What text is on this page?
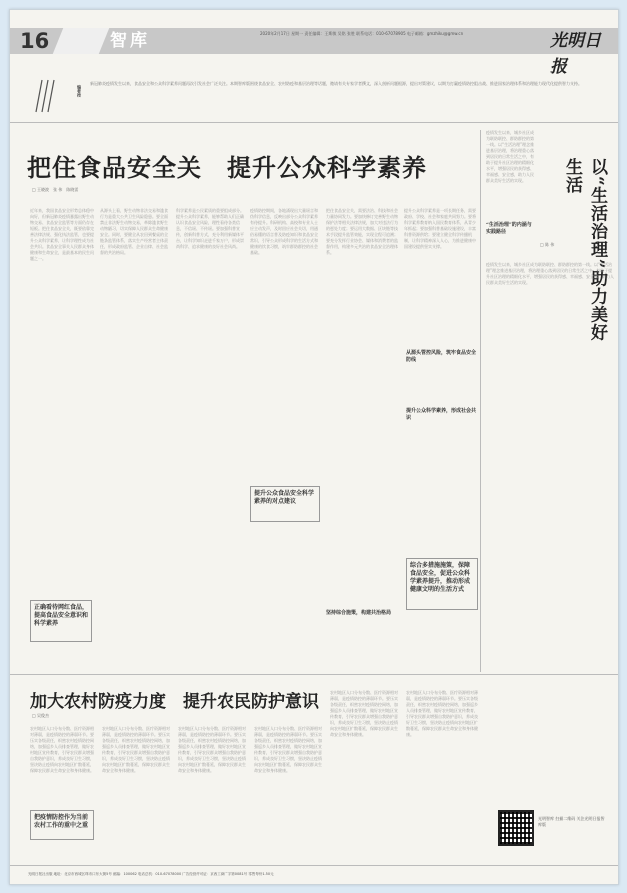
16	智库	2020年2月17日 星期一 责任编辑：王斯敏 吴铭 张胜 联系电话：010-67078905 电子邮箱：gmzhiku@gmw.cn	光明日报
编者按
新冠肺炎疫情发生以来，食品安全和公众科学素养问题再次引发社会广泛关注。本期智库版围绕食品安全、农村防疫和基层治理等话题，邀请有关专家学者撰文，深入剖析问题根源，提出对策建议，以期为打赢疫情防控阻击战、推进国家治理体系和治理能力现代化提供智力支持。
把住食品安全关　提升公众科学素养
□ 王晓波　张 伟　陈晓雷
近年来，我国食品安全形势总体稳中向好，但新冠肺炎疫情暴露出野生动物交易、食品安全监管等方面仍存在短板。把住食品安全关，既要依靠完善法律法规、强化执法监管，也要提升公众科学素养，让科学理性成为社会共识。食品安全事关人民群众身体健康和生命安全，是最基本的民生问题之一。
从源头上看，野生动物非法交易和滥食行为是重大公共卫生风险隐患。要全面禁止非法野生动物交易，革除滥食野生动物陋习，切实保障人民群众生命健康安全。同时，要健全从农田到餐桌的全链条监管体系，落实生产经营者主体责任，形成政府监管、企业自律、社会监督的共治格局。
科学素养是公民素质的重要组成部分。提升公众科学素养，能够帮助人们正确认识食品安全风险，理性看待各类信息，不信谣、不传谣。要加强科普宣传，创新科普方式，充分利用新媒体平台，让科学知识走进千家万户，形成崇尚科学、追求健康的良好社会风尚。
疫情防控期间，各地涌现出大量谣言和伪科学信息，反映出部分公众科学素养有待提升。科研机构、高校和专业人士应主动发声，及时回应社会关切，用通俗易懂的语言普及防疫知识和食品安全常识，引导公众形成科学的生活方式和健康的饮食习惯，筑牢群防群控的社会基础。
把住食品安全关，需要法治、科技和社会力量协同发力。要加快修订完善野生动物保护法等相关法律法规，加大对违法行为的惩处力度；要运用大数据、区块链等技术手段提升监管效能，实现全程可追溯；要充分发挥行业协会、媒体和消费者的监督作用，构建多元共治的食品安全治理体系。
提升公众科学素养是一项长期任务，需要政府、学校、社会和家庭共同努力。要将科学素养教育纳入国民教育体系，从青少年抓起；要加强科普基础设施建设，丰富科普资源供给；要建立健全科学传播机制，让科学精神深入人心，为推进健康中国建设提供坚实支撑。
从源头管控风险，筑牢食品安全防线
提升公众科学素养，形成社会共识
坚持综合施策，构建共治格局
正确看待网红食品，提高食品安全意识和科学素养
提升公众食品安全科学素养的对点建议
综合多措施施策，保障食品安全，促进公众科学素养提升，推动形成健康文明的生活方式
以“生活治理”助力美好生活
□ 陈 伟
疫情发生以来，城乡社区成为联防联控、群防群控的第一线。以“生活治理”理念推进基层治理，将治理重心落到居民的日常生活之中，有助于提升社区治理的精细化水平，增强居民的获得感、幸福感、安全感，助力人民群众美好生活的实现。
“生活治理”的内涵与实践路径
疫情发生以来，城乡社区成为联防联控、群防群控的第一线。以“生活治理”理念推进基层治理，将治理重心落到居民的日常生活之中，有助于提升社区治理的精细化水平，增强居民的获得感、幸福感、安全感，助力人民群众美好生活的实现。
加大农村防疫力度　提升农民防护意识
□ 吴俊杰
农村地区人口分布分散、医疗资源相对薄弱，是疫情防控的薄弱环节。要压实各级责任，织密农村疫情防控网络，加强返乡人员排查管理，做好农村地区宣传教育，引导农民群众增强自我防护意识，养成良好卫生习惯，坚决防止疫情向农村地区扩散蔓延，保障农民群众生命安全和身体健康。
农村地区人口分布分散、医疗资源相对薄弱，是疫情防控的薄弱环节。要压实各级责任，织密农村疫情防控网络，加强返乡人员排查管理，做好农村地区宣传教育，引导农民群众增强自我防护意识，养成良好卫生习惯，坚决防止疫情向农村地区扩散蔓延，保障农民群众生命安全和身体健康。
农村地区人口分布分散、医疗资源相对薄弱，是疫情防控的薄弱环节。要压实各级责任，织密农村疫情防控网络，加强返乡人员排查管理，做好农村地区宣传教育，引导农民群众增强自我防护意识，养成良好卫生习惯，坚决防止疫情向农村地区扩散蔓延，保障农民群众生命安全和身体健康。
农村地区人口分布分散、医疗资源相对薄弱，是疫情防控的薄弱环节。要压实各级责任，织密农村疫情防控网络，加强返乡人员排查管理，做好农村地区宣传教育，引导农民群众增强自我防护意识，养成良好卫生习惯，坚决防止疫情向农村地区扩散蔓延，保障农民群众生命安全和身体健康。
农村地区人口分布分散、医疗资源相对薄弱，是疫情防控的薄弱环节。要压实各级责任，织密农村疫情防控网络，加强返乡人员排查管理，做好农村地区宣传教育，引导农民群众增强自我防护意识，养成良好卫生习惯，坚决防止疫情向农村地区扩散蔓延，保障农民群众生命安全和身体健康。
农村地区人口分布分散、医疗资源相对薄弱，是疫情防控的薄弱环节。要压实各级责任，织密农村疫情防控网络，加强返乡人员排查管理，做好农村地区宣传教育，引导农民群众增强自我防护意识，养成良好卫生习惯，坚决防止疫情向农村地区扩散蔓延，保障农民群众生命安全和身体健康。
把疫情防控作为当前农村工作的重中之重
光明智库 扫描二维码 关注光明日报智库版
光明日报社出版 地址：北京市西城区珠市口东大街5号 邮编：100062 电话总机：010-67078000 广告经营许可证：京西工商广字第0081号 零售每份1.50元
